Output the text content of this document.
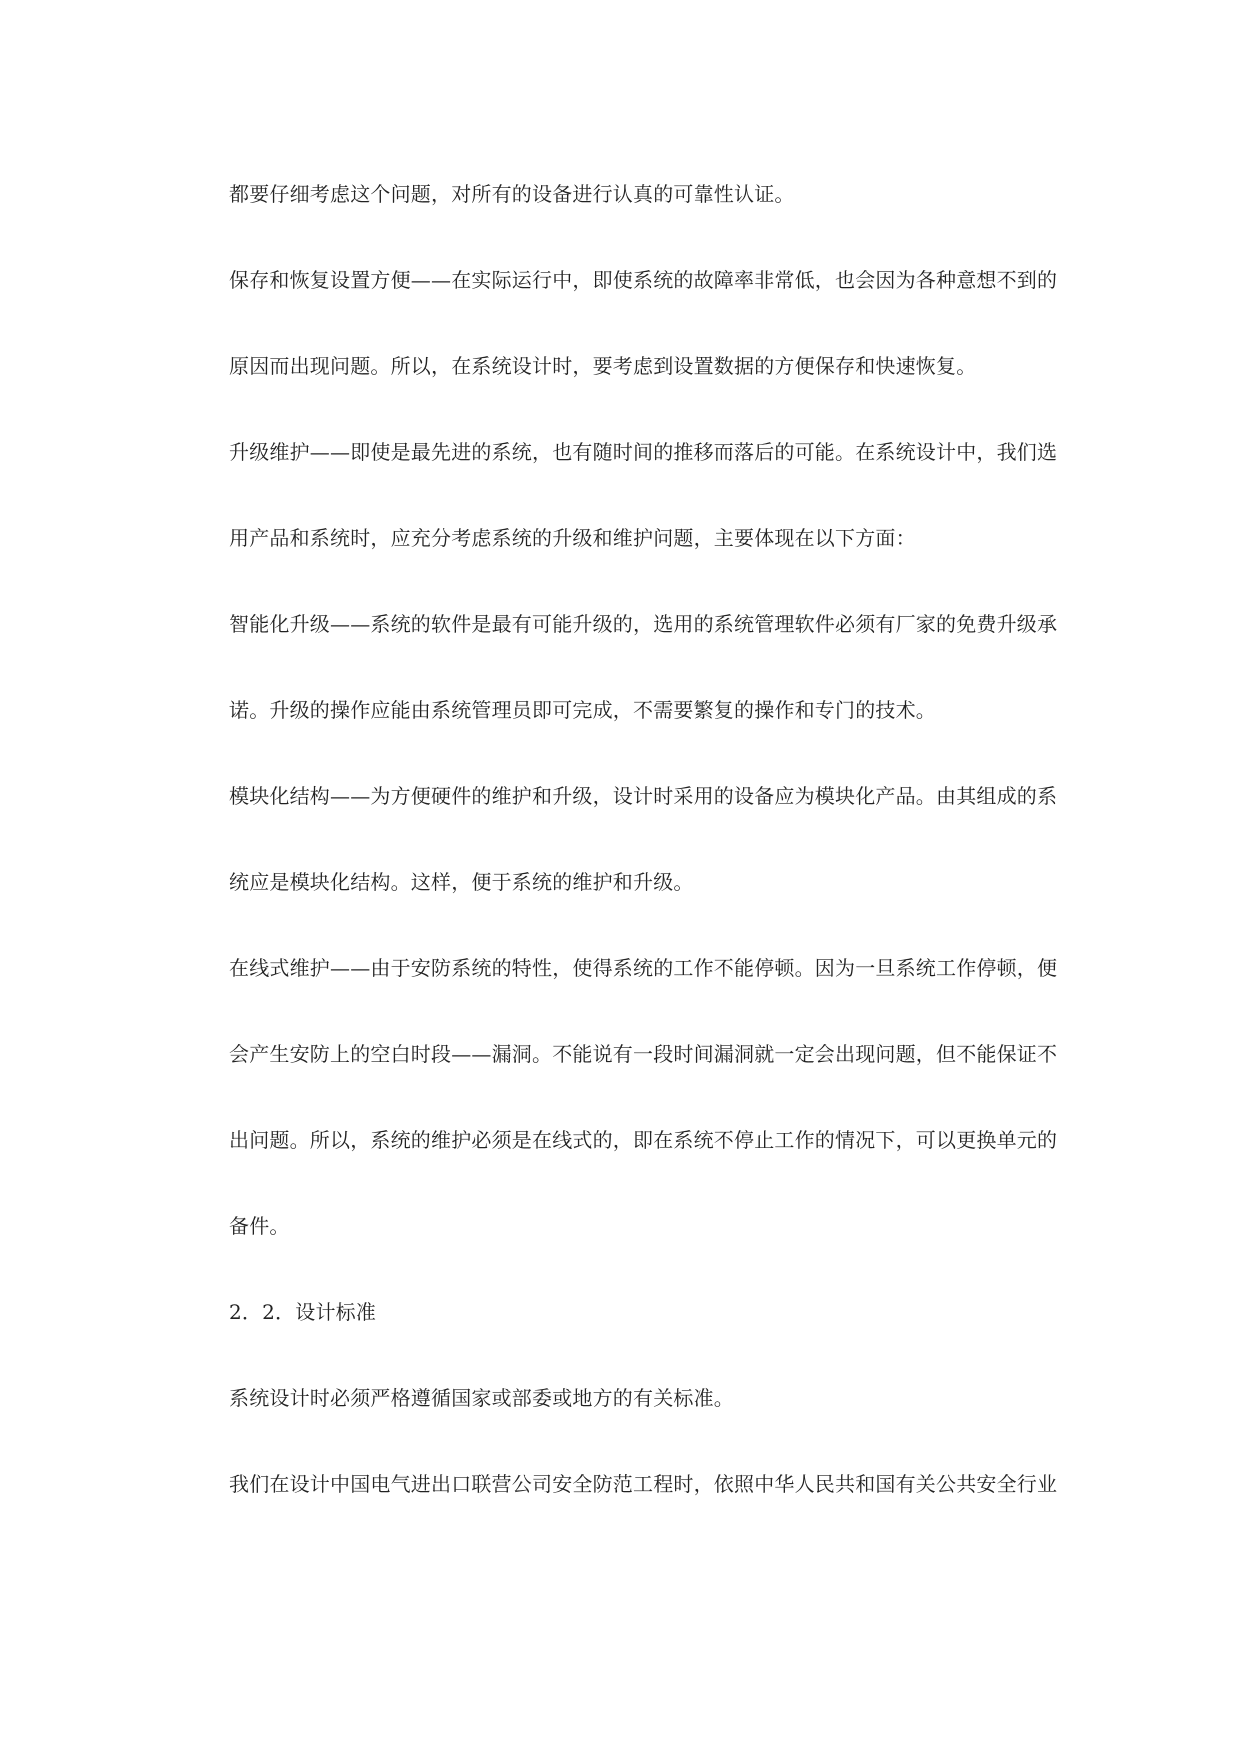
都要仔细考虑这个问题，对所有的设备进行认真的可靠性认证。
保存和恢复设置方便——在实际运行中，即使系统的故障率非常低，也会因为各种意想不到的
原因而出现问题。所以，在系统设计时，要考虑到设置数据的方便保存和快速恢复。
升级维护——即使是最先进的系统，也有随时间的推移而落后的可能。在系统设计中，我们选
用产品和系统时，应充分考虑系统的升级和维护问题，主要体现在以下方面：
智能化升级——系统的软件是最有可能升级的，选用的系统管理软件必须有厂家的免费升级承
诺。升级的操作应能由系统管理员即可完成，不需要繁复的操作和专门的技术。
模块化结构——为方便硬件的维护和升级，设计时采用的设备应为模块化产品。由其组成的系
统应是模块化结构。这样，便于系统的维护和升级。
在线式维护——由于安防系统的特性，使得系统的工作不能停顿。因为一旦系统工作停顿，便
会产生安防上的空白时段——漏洞。不能说有一段时间漏洞就一定会出现问题，但不能保证不
出问题。所以，系统的维护必须是在线式的，即在系统不停止工作的情况下，可以更换单元的
备件。
2．2．设计标准
系统设计时必须严格遵循国家或部委或地方的有关标准。
我们在设计中国电气进出口联营公司安全防范工程时，依照中华人民共和国有关公共安全行业
